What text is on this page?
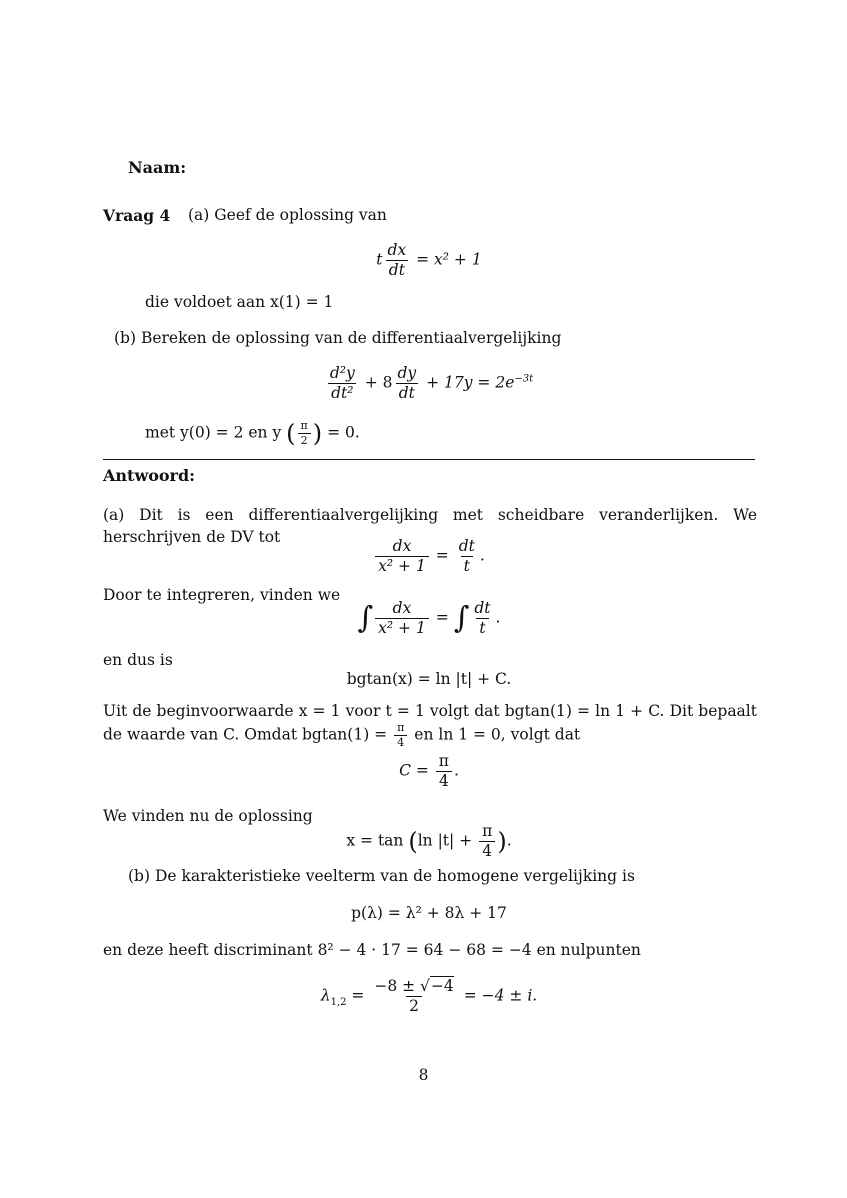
Naam:
Vraag 4 (a) Geef de oplossing van
t $\frac{dx}{dt} = x^2 + 1$
die voldoet aan x(1) = 1
(b) Bereken de oplossing van de differentiaalvergelijking
$\frac{\text{d²y}}{\text{dt²}} + 8 \frac{dy}{dt} + 17y = 2e^{-3t}$
met y(0) = 2 en y ( $\frac{\pi}{2}$ ) = 0.
Antwoord:
(a) Dit is een differentiaalvergelijking met scheidbare veranderlijken. We herschrijven de DV tot
$\frac{dx}{\text{x² + 1}} = \frac{dt}{t}$ .
Door te integreren, vinden we
∫ $\frac{dx}{\text{x² + 1}}$ = ∫ $\frac{dt}{t}$ .
en dus is
bgtan(x) = ln |t| + C.
Uit de beginvoorwaarde x = 1 voor t = 1 volgt dat bgtan(1) = ln 1 + C. Dit bepaalt de waarde van C. Omdat $bgtan(1) = \frac{\pi}{4}$ en ln 1 = 0, volgt dat
$C = \frac{\pi}{4}$ .
We vinden nu de oplossing
x = tan (ln $|t| + \frac{\pi}{4}$ ).
(b) De karakteristieke veelterm van de homogene vergelijking is
p(λ) = λ² + 8λ + 17
en deze heeft discriminant 8² − 4 · 17 = 64 − 68 = −4 en nulpunten
$\lambda_{1,2} = \frac{-8 \pm √-4}{2} = -4 \pm i$.
8
